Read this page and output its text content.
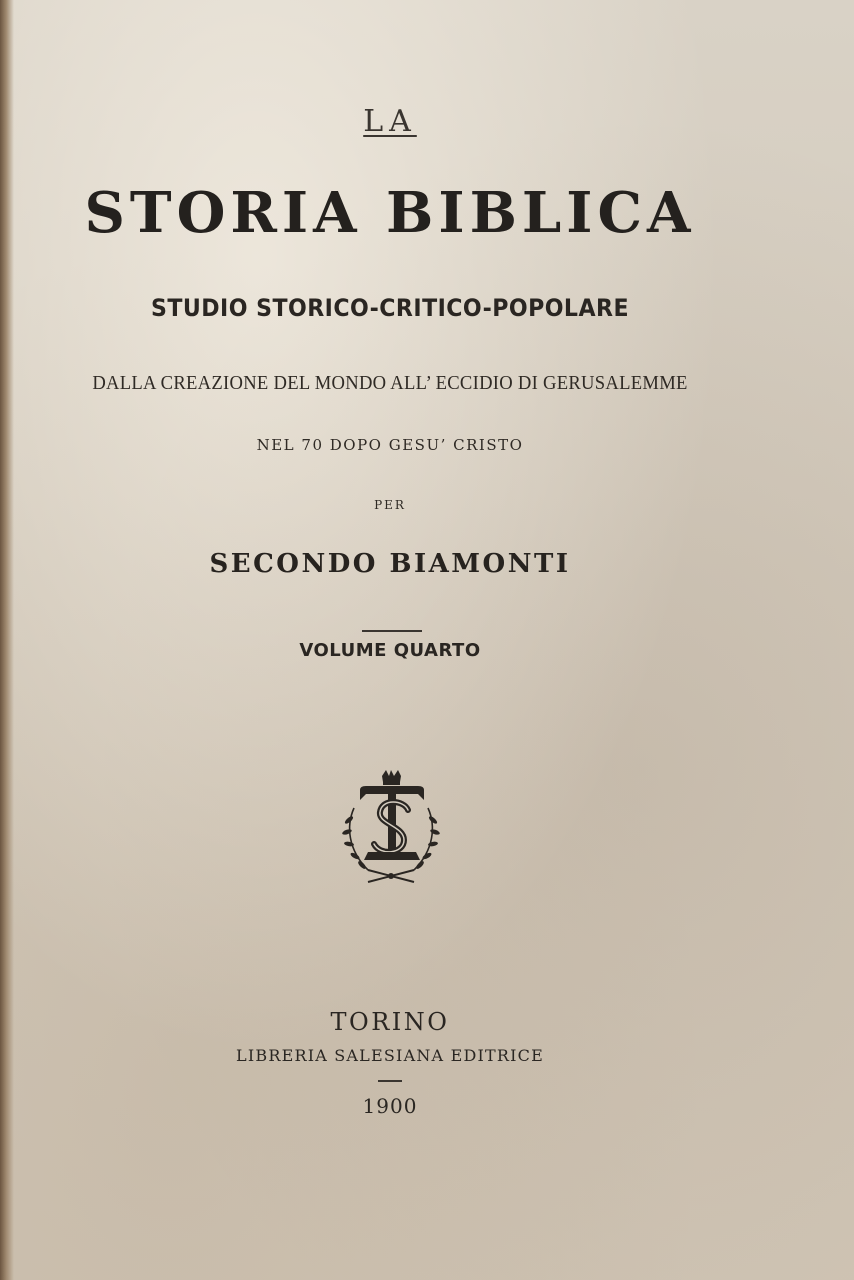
LA
STORIA BIBLICA
STUDIO STORICO-CRITICO-POPOLARE
DALLA CREAZIONE DEL MONDO ALL’ ECCIDIO DI GERUSALEMME
NEL 70 DOPO GESU’ CRISTO
PER
SECONDO BIAMONTI
VOLUME QUARTO
TORINO
LIBRERIA SALESIANA EDITRICE
1900
